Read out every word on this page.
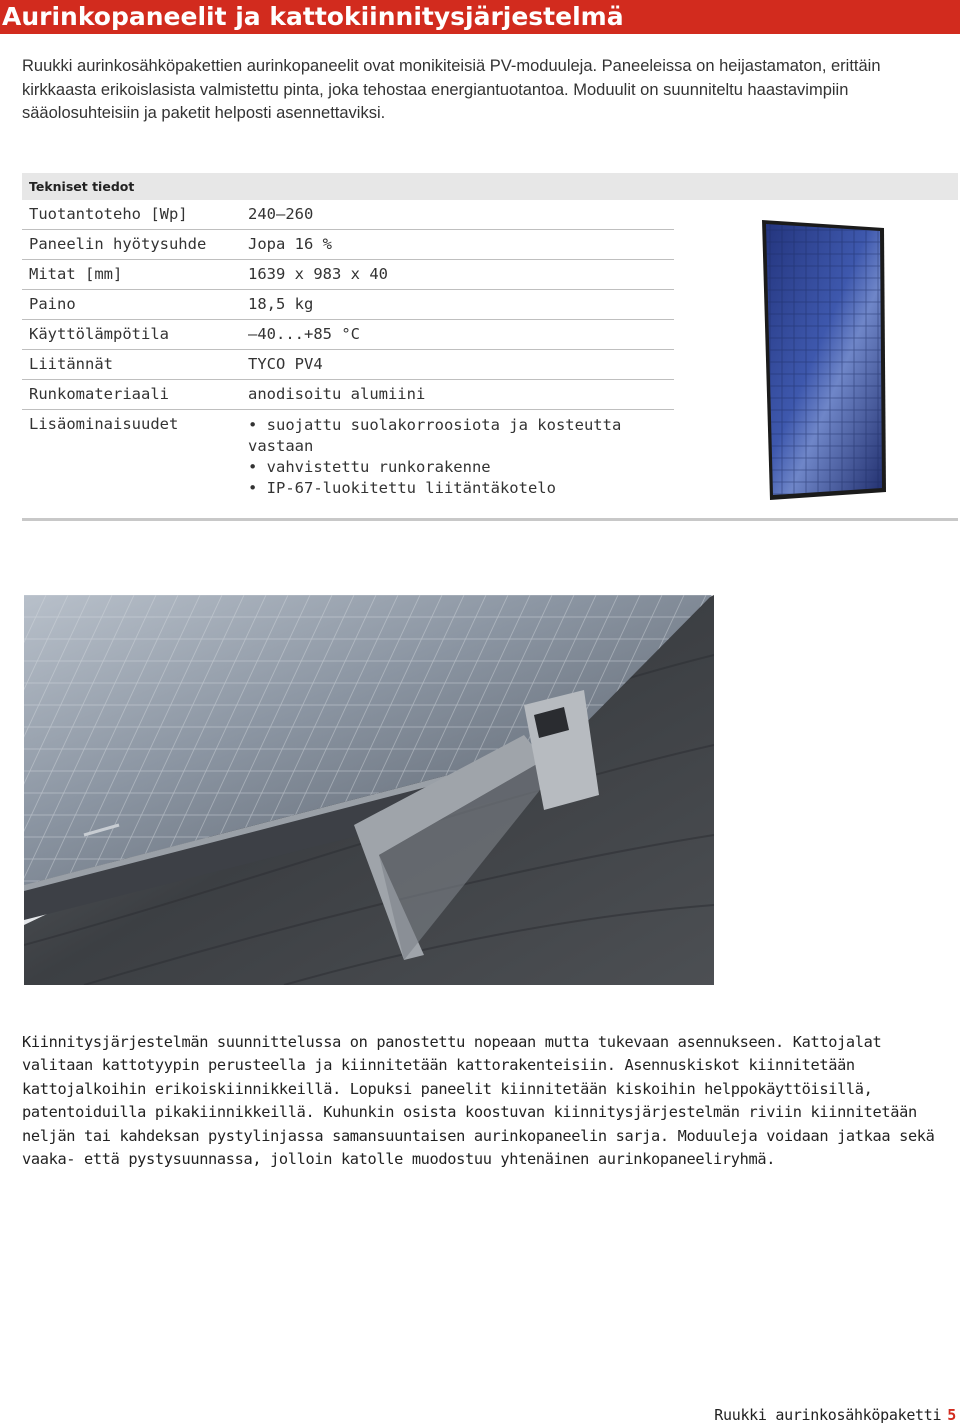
Aurinkopaneelit ja kattokiinnitysjärjestelmä

Ruukki aurinkosähköpakettien aurinkopaneelit ovat monikiteisiä PV-moduuleja. Paneeleissa on heijastamaton, erittäin kirkkaasta erikoislasista valmistettu pinta, joka tehostaa energiantuotantoa. Moduulit on suunniteltu haastavimpiin sääolosuhteisiin ja paketit helposti asennettaviksi.

Tekniset tiedot
Tuotantoteho [Wp]	240–260
Paneelin hyötysuhde	Jopa 16 %
Mitat [mm]	1639 x 983 x 40
Paino	18,5 kg
Käyttölämpötila	–40...+85 °C
Liitännät	TYCO PV4
Runkomateriaali	anodisoitu alumiini
Lisäominaisuudet
•	suojattu suolakorroosiota ja kosteutta vastaan
• vahvistettu runkorakenne
• IP-67-luokitettu liitäntäkotelo

Kiinnitysjärjestelmän suunnittelussa on panostettu nopeaan mutta tukevaan asennukseen. Kattojalat valitaan kattotyypin perusteella ja kiinnitetään kattorakenteisiin. Asennuskiskot kiinnitetään kattojalkoihin erikoiskiinnikkeillä. Lopuksi paneelit kiinnitetään kiskoihin helppokäyttöisillä, patentoiduilla pikakiinnikkeillä. Kuhunkin osista koostuvan kiinnitysjärjestelmän riviin kiinnitetään neljän tai kahdeksan pystylinjassa samansuuntaisen aurinkopaneelin sarja. Moduuleja voidaan jatkaa sekä vaaka- että pystysuunnassa, jolloin katolle muodostuu yhtenäinen aurinkopaneeliryhmä.

Ruukki aurinkosähköpaketti 5
